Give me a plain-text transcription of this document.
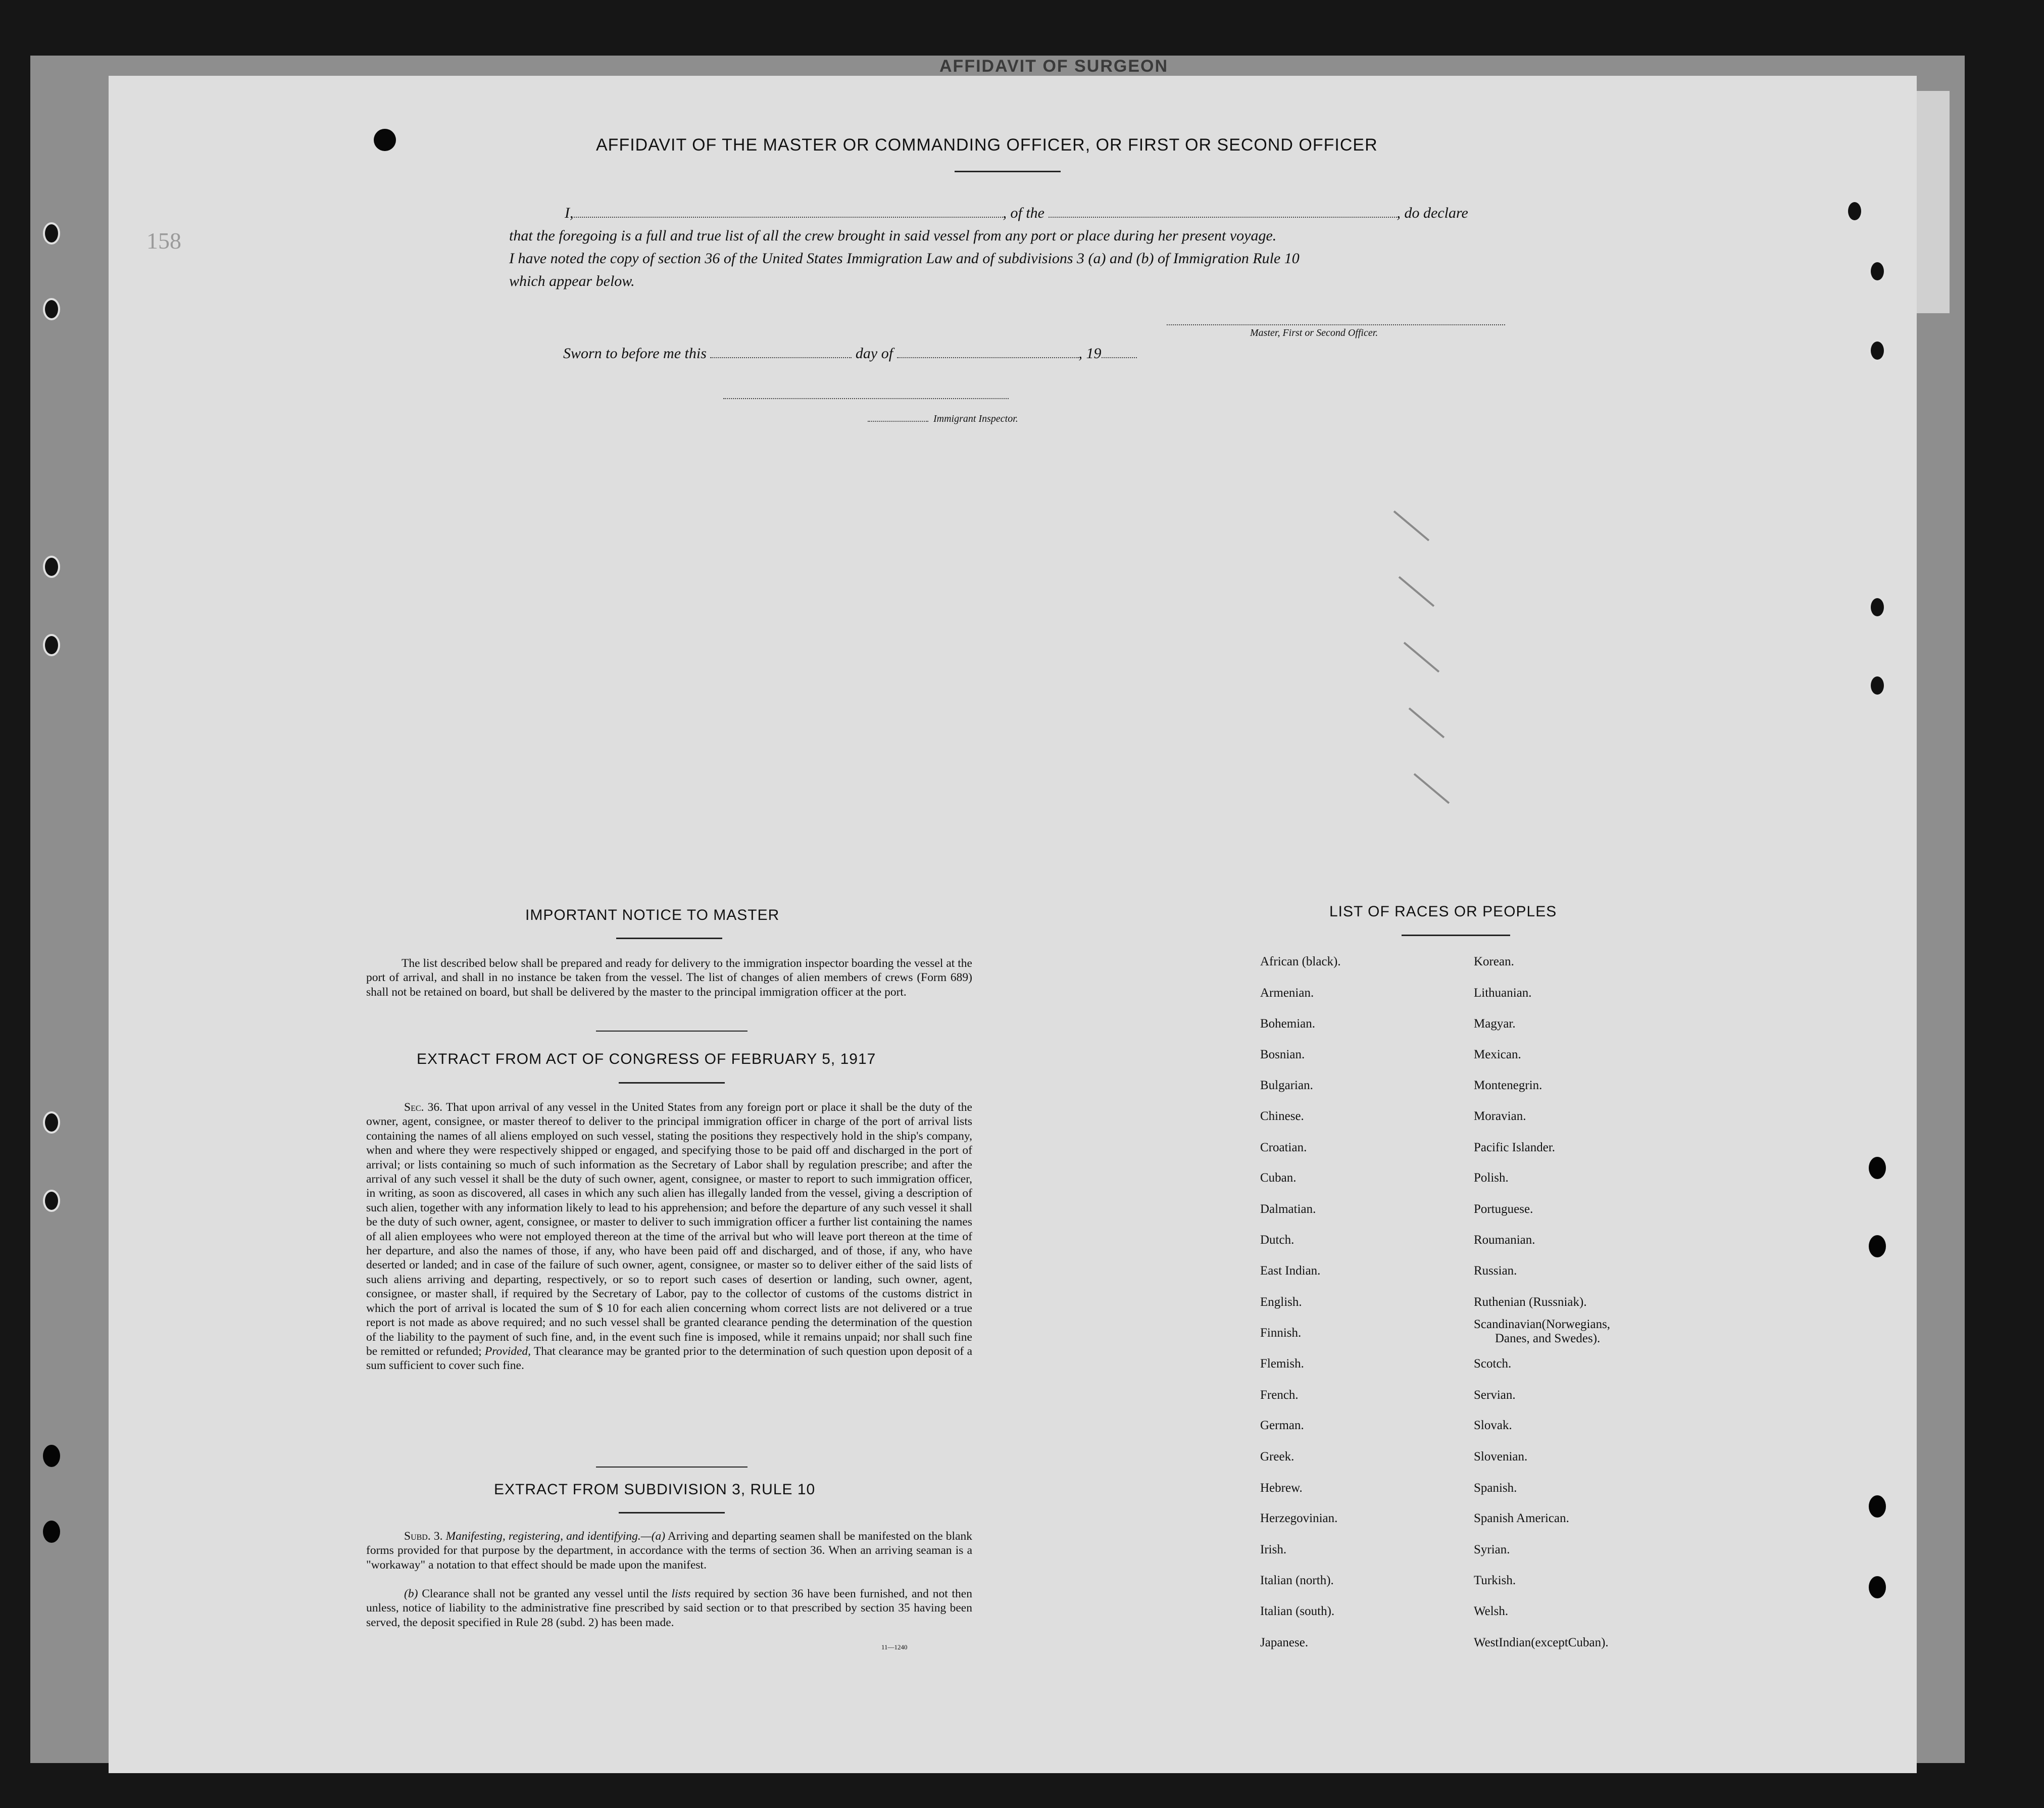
AFFIDAVIT OF SURGEON
158
AFFIDAVIT OF THE MASTER OR COMMANDING OFFICER, OR FIRST OR SECOND OFFICER
I,	, of the	, do declare
that the foregoing is a full and true list of all the crew brought in said vessel from any port or place during her present voyage.
I have noted the copy of section 36 of the United States Immigration Law and of subdivisions 3 (a) and (b) of Immigration Rule 10
which appear below.
Master, First or Second Officer.
Sworn to before me this	day of	, 19
Immigrant Inspector.
IMPORTANT NOTICE TO MASTER
The list described below shall be prepared and ready for delivery to the immigration inspector boarding the vessel at the port of arrival, and shall in no instance be taken from the vessel. The list of changes of alien members of crews (Form 689) shall not be retained on board, but shall be delivered by the master to the principal immigration officer at the port.
EXTRACT FROM ACT OF CONGRESS OF FEBRUARY 5, 1917
Sec. 36. That upon arrival of any vessel in the United States from any foreign port or place it shall be the duty of the owner, agent, consignee, or master thereof to deliver to the principal immigration officer in charge of the port of arrival lists containing the names of all aliens employed on such vessel, stating the positions they respectively hold in the ship's company, when and where they were respectively shipped or engaged, and specifying those to be paid off and discharged in the port of arrival; or lists containing so much of such information as the Secretary of Labor shall by regulation prescribe; and after the arrival of any such vessel it shall be the duty of such owner, agent, consignee, or master to report to such immigration officer, in writing, as soon as discovered, all cases in which any such alien has illegally landed from the vessel, giving a description of such alien, together with any information likely to lead to his apprehension; and before the departure of any such vessel it shall be the duty of such owner, agent, consignee, or master to deliver to such immigration officer a further list containing the names of all alien employees who were not employed thereon at the time of the arrival but who will leave port thereon at the time of her departure, and also the names of those, if any, who have been paid off and discharged, and of those, if any, who have deserted or landed; and in case of the failure of such owner, agent, consignee, or master so to deliver either of the said lists of such aliens arriving and departing, respectively, or so to report such cases of desertion or landing, such owner, agent, consignee, or master shall, if required by the Secretary of Labor, pay to the collector of customs of the customs district in which the port of arrival is located the sum of $ 10 for each alien concerning whom correct lists are not delivered or a true report is not made as above required; and no such vessel shall be granted clearance pending the determination of the question of the liability to the payment of such fine, and, in the event such fine is imposed, while it remains unpaid; nor shall such fine be remitted or refunded; Provided, That clearance may be granted prior to the determination of such question upon deposit of a sum sufficient to cover such fine.
EXTRACT FROM SUBDIVISION 3, RULE 10
Subd. 3. Manifesting, registering, and identifying.—(a) Arriving and departing seamen shall be manifested on the blank forms provided for that purpose by the department, in accordance with the terms of section 36. When an arriving seaman is a "workaway" a notation to that effect should be made upon the manifest.
(b) Clearance shall not be granted any vessel until the lists required by section 36 have been furnished, and not then unless, notice of liability to the administrative fine prescribed by said section or to that prescribed by section 35 having been served, the deposit specified in Rule 28 (subd. 2) has been made.
11—1240
LIST OF RACES OR PEOPLES
African (black).
Armenian.
Bohemian.
Bosnian.
Bulgarian.
Chinese.
Croatian.
Cuban.
Dalmatian.
Dutch.
East Indian.
English.
Finnish.
Flemish.
French.
German.
Greek.
Hebrew.
Herzegovinian.
Irish.
Italian (north).
Italian (south).
Japanese.
Korean.
Lithuanian.
Magyar.
Mexican.
Montenegrin.
Moravian.
Pacific Islander.
Polish.
Portuguese.
Roumanian.
Russian.
Ruthenian (Russniak).
Scandinavian(Norwegians,
Scotch.
Servian.
Slovak.
Slovenian.
Spanish.
Spanish American.
Syrian.
Turkish.
Welsh.
WestIndian(exceptCuban).
Danes, and Swedes).
